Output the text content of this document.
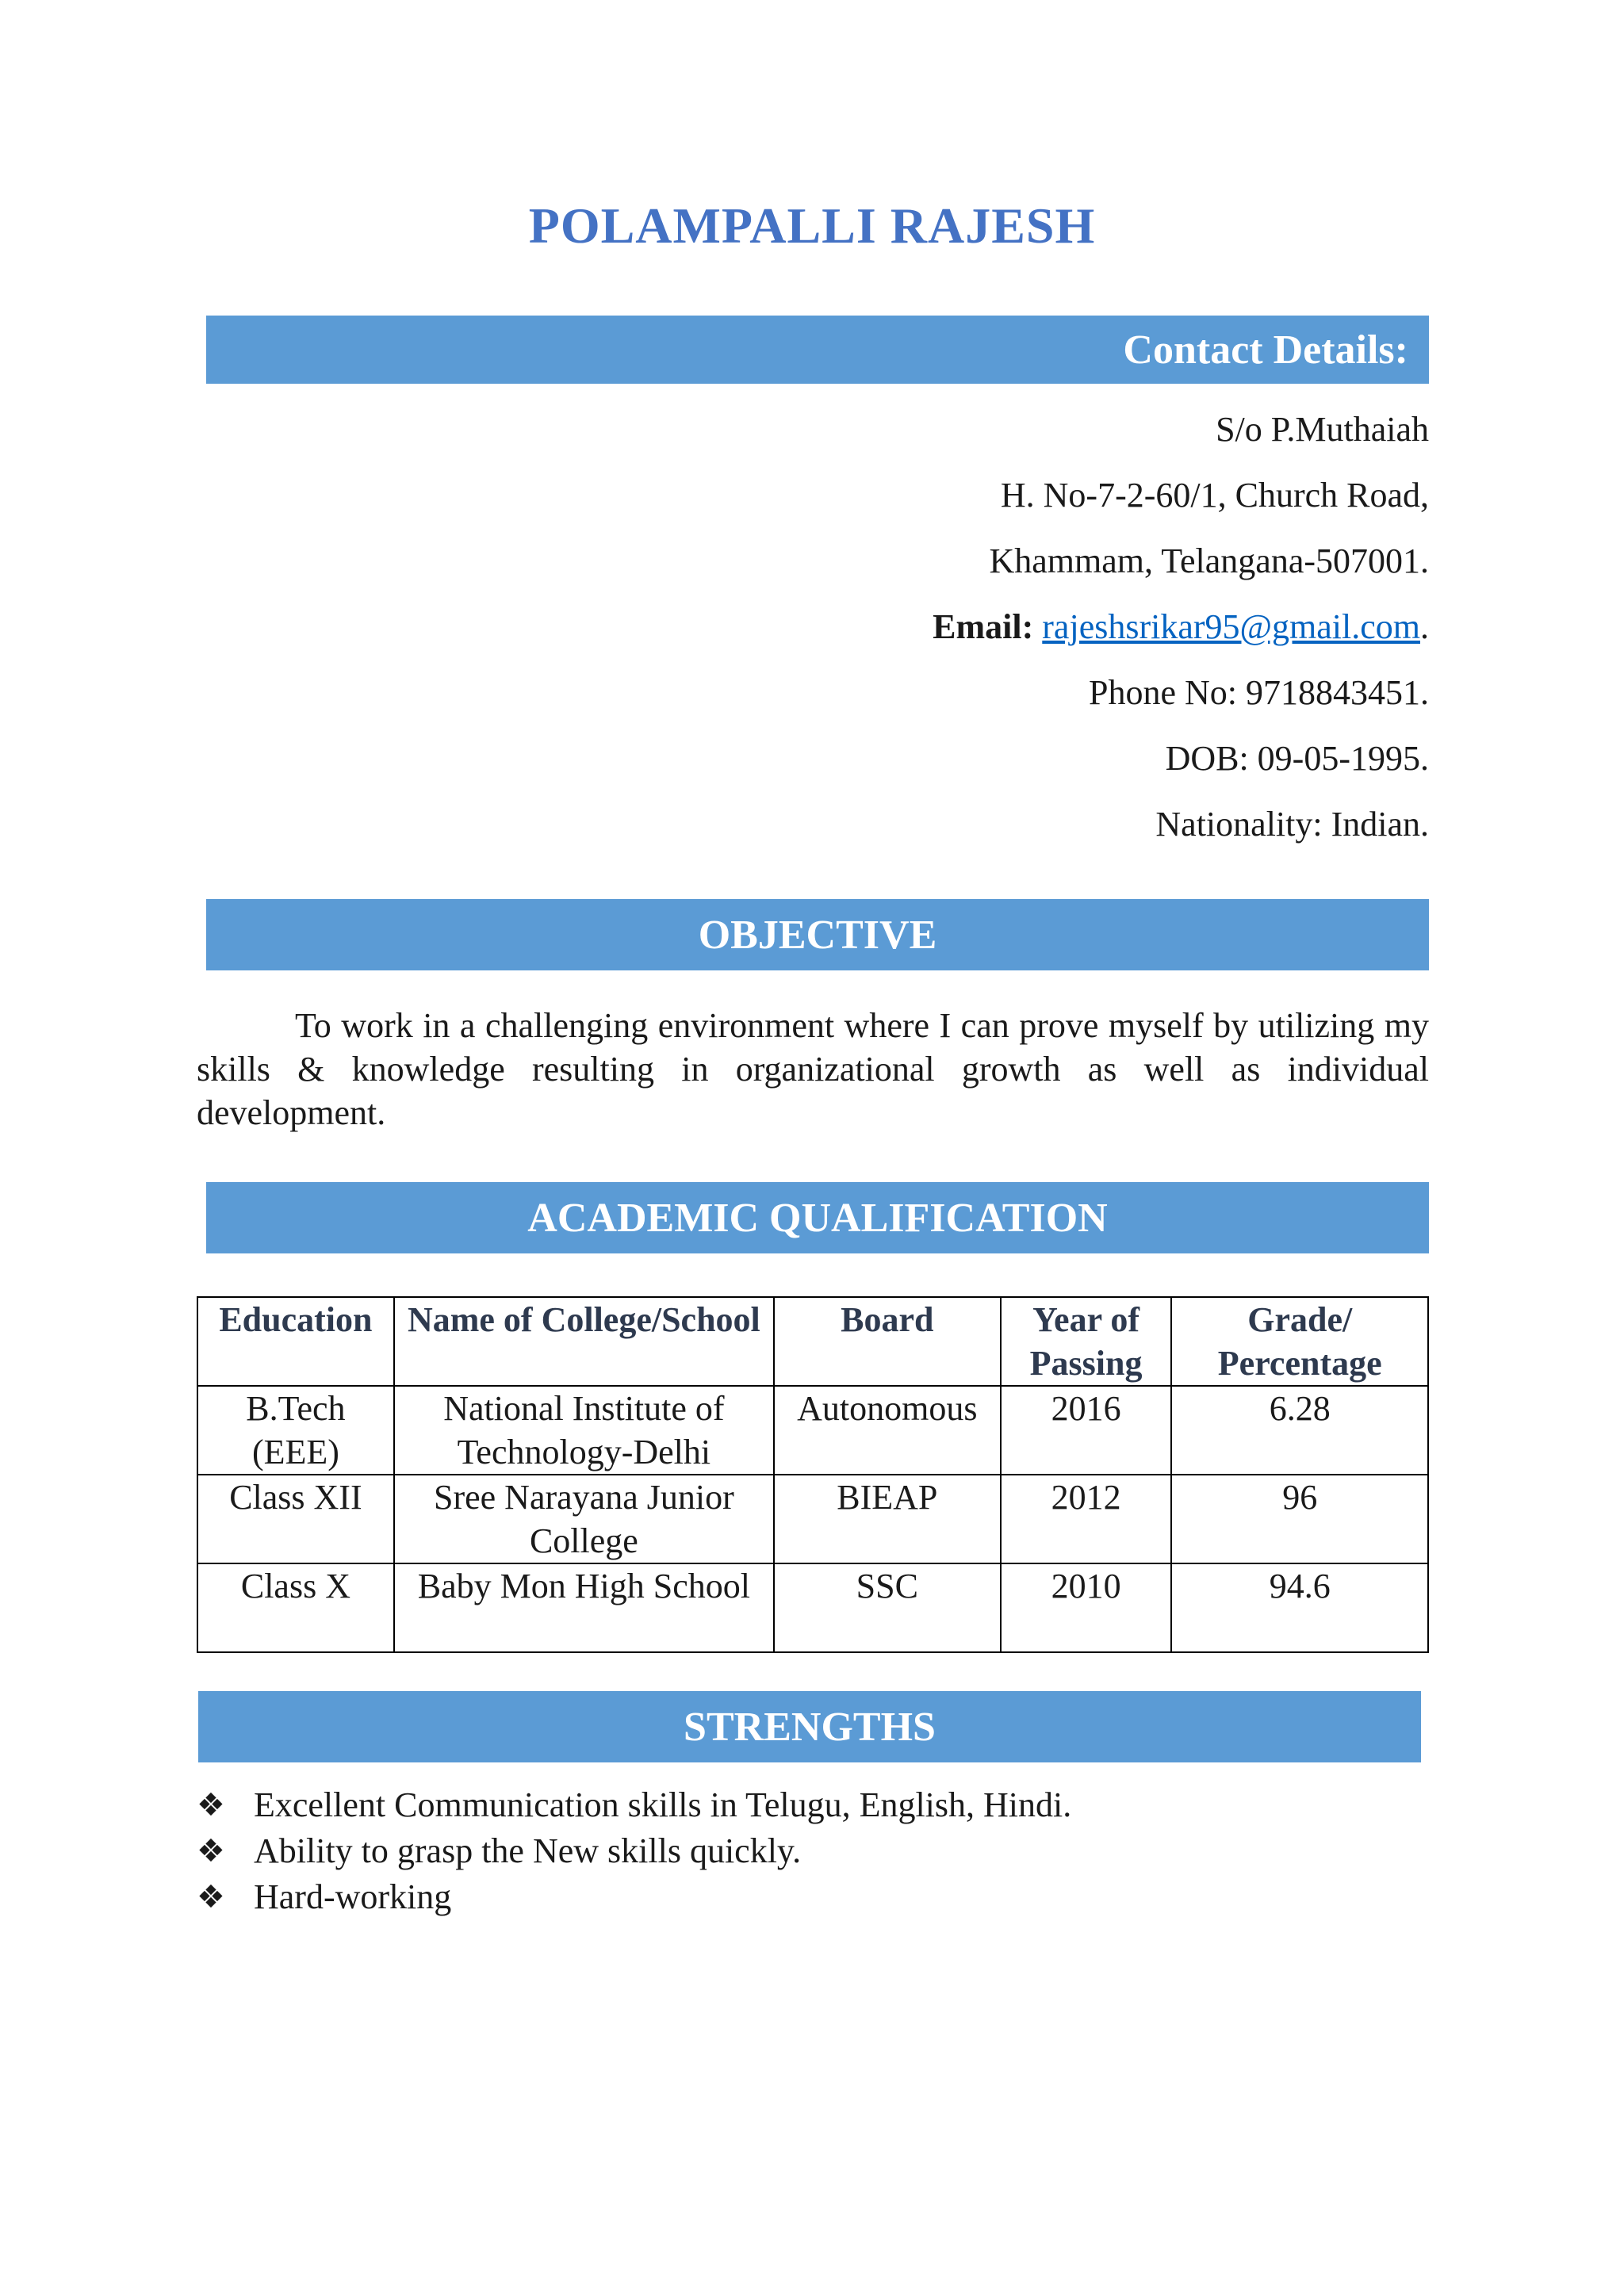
POLAMPALLI RAJESH
Contact Details:
S/o P.Muthaiah
H. No-7-2-60/1, Church Road,
Khammam, Telangana-507001.
Email: rajeshsrikar95@gmail.com.
Phone No: 9718843451.
DOB: 09-05-1995.
Nationality: Indian.
OBJECTIVE
To work in a challenging environment where I can prove myself by utilizing my skills & knowledge resulting in organizational growth as well as individual development.
ACADEMIC QUALIFICATION
Education	Name of College/School	Board	Year of Passing	Grade/ Percentage
B.Tech (EEE)	National Institute of Technology-Delhi	Autonomous	2016	6.28
Class XII	Sree Narayana Junior College	BIEAP	2012	96
Class X	Baby Mon High School	SSC	2010	94.6
STRENGTHS
❖ Excellent Communication skills in Telugu, English, Hindi.
❖ Ability to grasp the New skills quickly.
❖ Hard-working
